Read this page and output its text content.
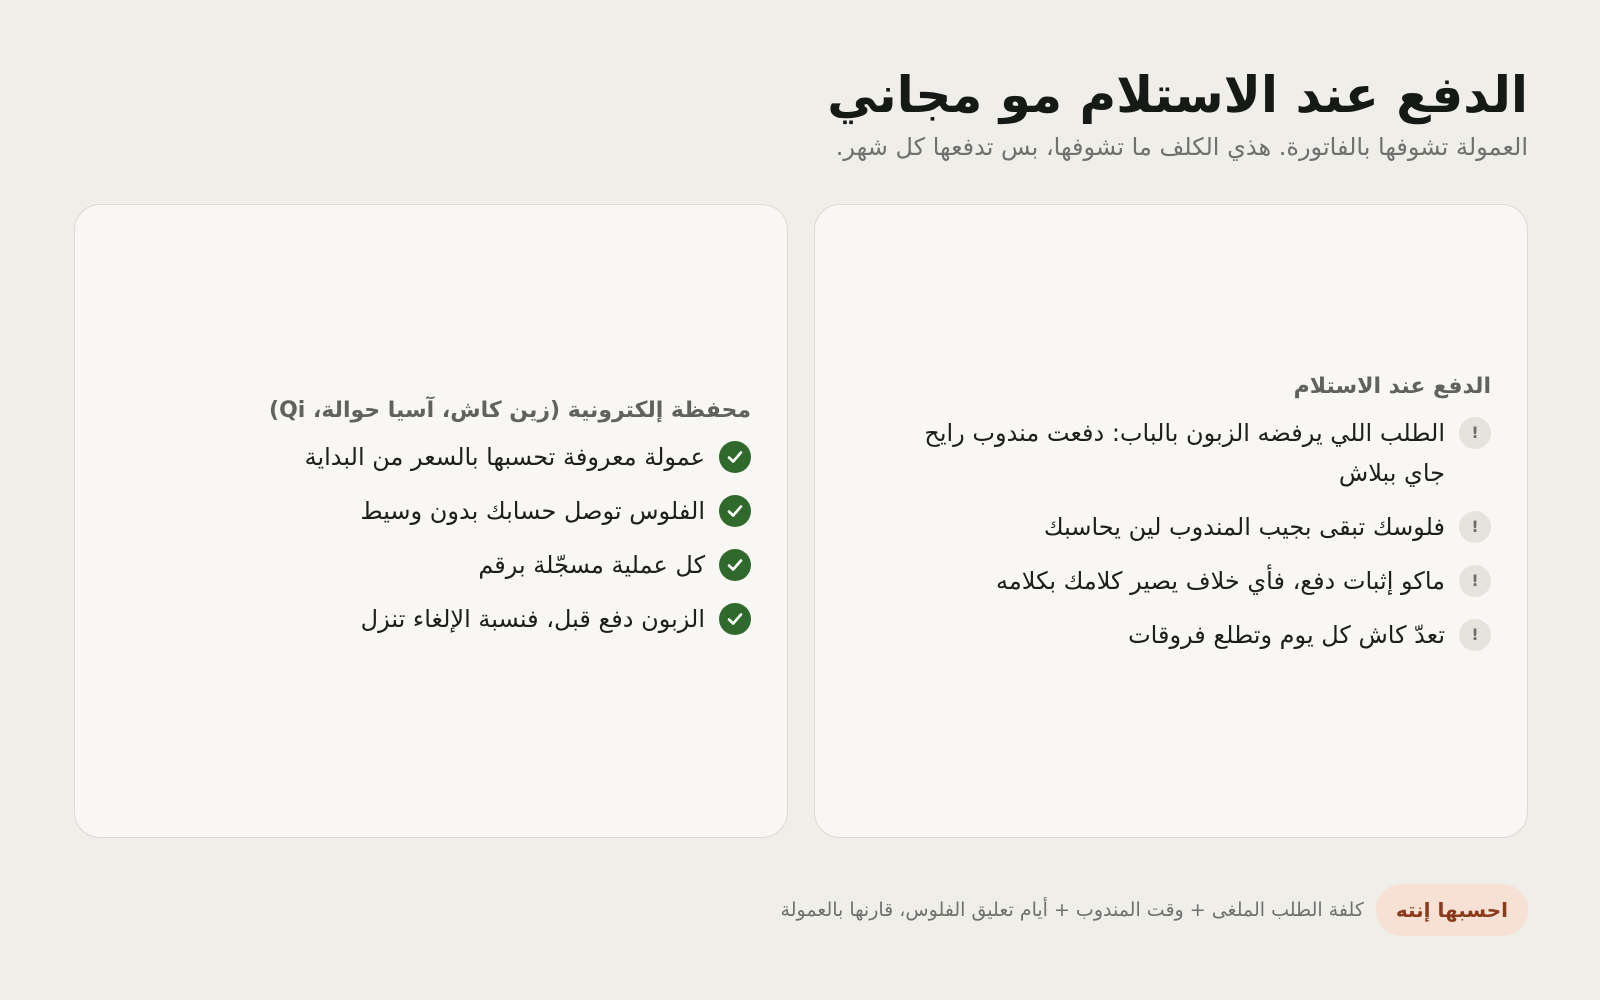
الدفع عند الاستلام مو مجاني

العمولة تشوفها بالفاتورة. هذي الكلف ما تشوفها، بس تدفعها كل شهر.

الدفع عند الاستلام
!
الطلب اللي يرفضه الزبون بالباب: دفعت مندوب رايح جاي ببلاش
!
فلوسك تبقى بجيب المندوب لين يحاسبك
!
ماكو إثبات دفع، فأي خلاف يصير كلامك بكلامه
!
تعدّ كاش كل يوم وتطلع فروقات
محفظة إلكترونية (زين كاش، آسيا حوالة، Qi)
عمولة معروفة تحسبها بالسعر من البداية
الفلوس توصل حسابك بدون وسيط
كل عملية مسجّلة برقم
الزبون دفع قبل، فنسبة الإلغاء تنزل
احسبها إنته
كلفة الطلب الملغى + وقت المندوب + أيام تعليق الفلوس، قارنها بالعمولة
